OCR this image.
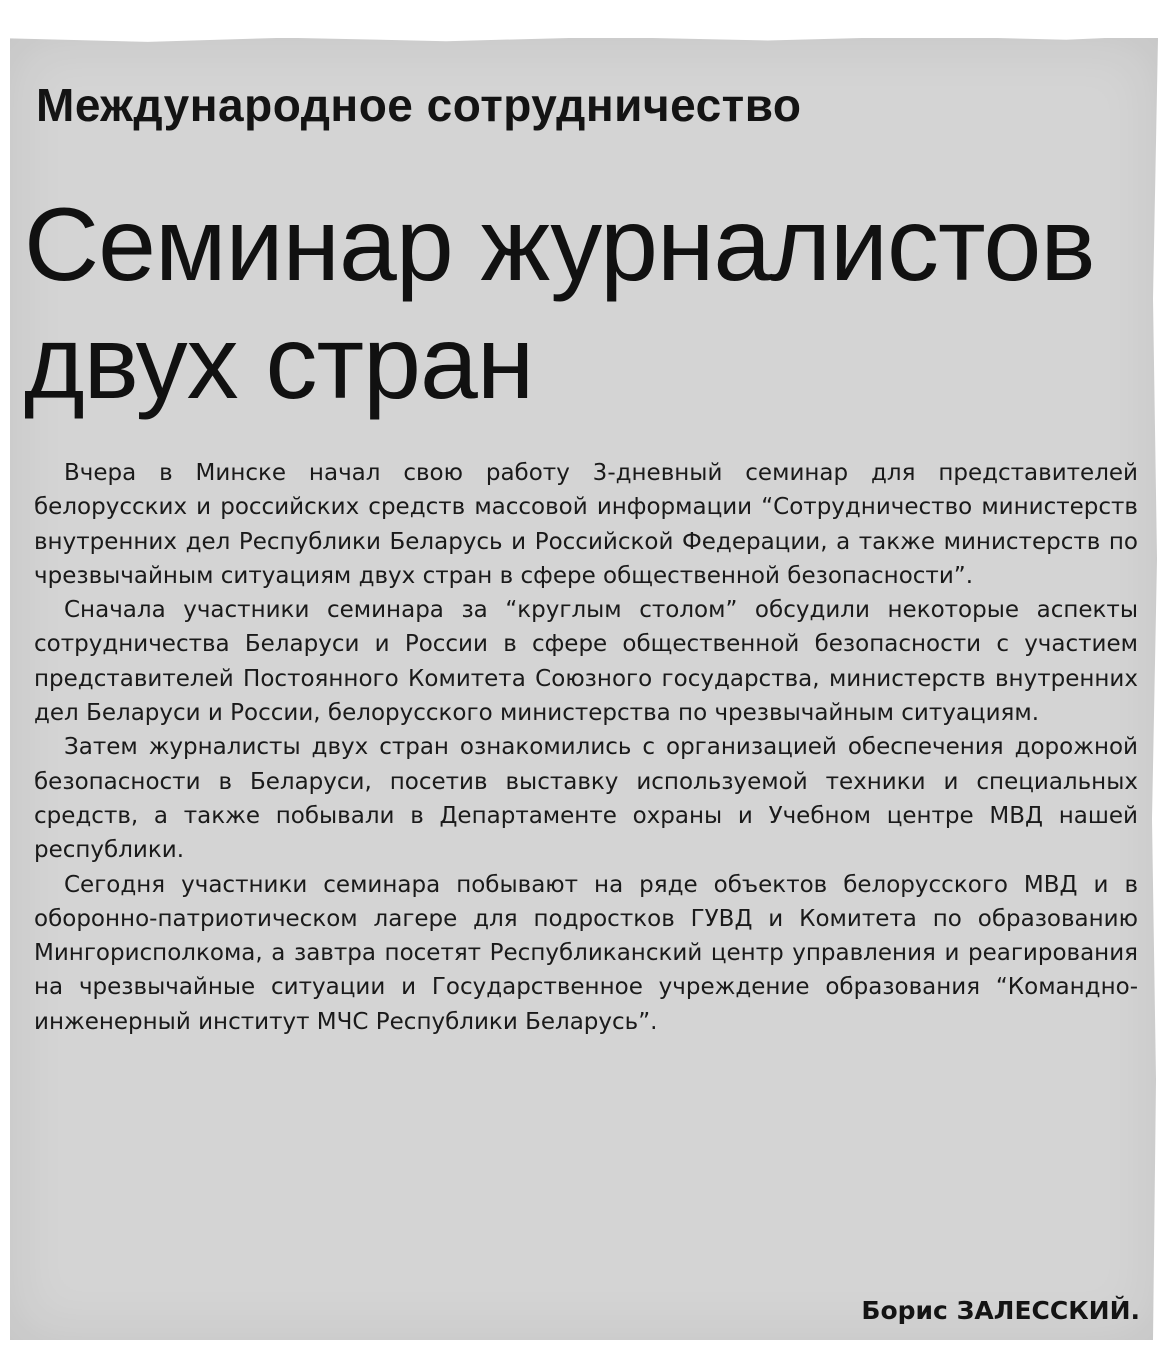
Международное сотрудничество
Семинар журналистов
двух стран

Вчера в Минске начал свою работу 3-дневный семинар для представителей белорусских и российских средств массовой информации “Сотрудничество министерств внутренних дел Республики Беларусь и Российской Федерации, а также министерств по чрезвычайным ситуациям двух стран в сфере общественной безопасности”.

Сначала участники семинара за “круглым столом” обсудили некоторые аспекты сотрудничества Беларуси и России в сфере общественной безопасности с участием представителей Постоянного Комитета Союзного государства, министерств внутренних дел Беларуси и России, белорусского министерства по чрезвычайным ситуациям.

Затем журналисты двух стран ознакомились с организацией обеспечения дорожной безопасности в Беларуси, посетив выставку используемой техники и специальных средств, а также побывали в Департаменте охраны и Учебном центре МВД нашей республики.

Сегодня участники семинара побывают на ряде объектов белорусского МВД и в оборонно-патриотическом лагере для подростков ГУВД и Комитета по образованию Мингорисполкома, а завтра посетят Республиканский центр управления и реагирования на чрезвычайные ситуации и Государственное учреждение образования “Командно-инженерный институт МЧС Республики Беларусь”.

Борис ЗАЛЕССКИЙ.
